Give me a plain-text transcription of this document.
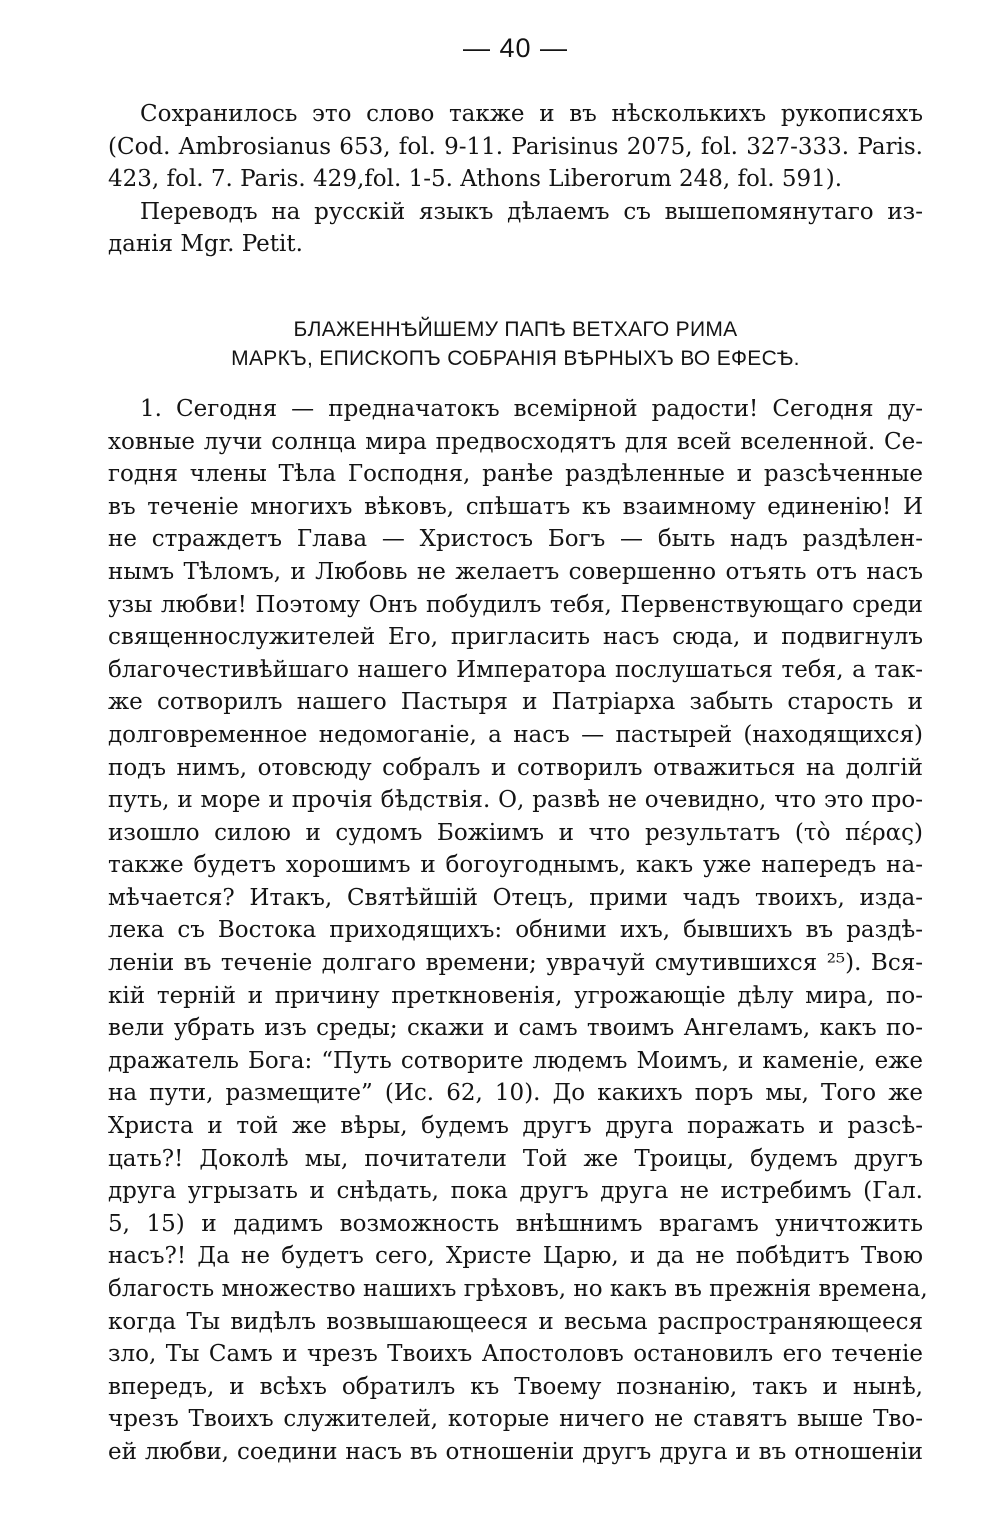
— 40 —
Сохранилось это слово также и въ нѣсколькихъ рукописяхъ
(Cod. Ambrosianus 653, fol. 9-11. Parisinus 2075, fol. 327-333. Paris.
423, fol. 7. Paris. 429,fol. 1-5. Athons Liberorum 248, fol. 591).
Переводъ на русскій языкъ дѣлаемъ съ вышепомянутаго из-
данія Mgr. Petit.
БЛАЖЕННѢЙШЕМУ ПАПѢ ВЕТХАГО РИМА
МАРКЪ, ЕПИСКОПЪ СОБРАНІЯ ВѢРНЫХЪ ВО ЕФЕСѢ.
1. Сегодня — предначатокъ всемірной радости! Сегодня ду-
ховные лучи солнца мира предвосходятъ для всей вселенной. Се-
годня члены Тѣла Господня, ранѣе раздѣленные и разсѣченные
въ теченіе многихъ вѣковъ, спѣшатъ къ взаимному единенію! И
не страждетъ Глава — Христосъ Богъ — быть надъ раздѣлен-
нымъ Тѣломъ, и Любовь не желаетъ совершенно отъять отъ насъ
узы любви! Поэтому Онъ побудилъ тебя, Первенствующаго среди
священнослужителей Его, пригласить насъ сюда, и подвигнулъ
благочестивѣйшаго нашего Императора послушаться тебя, а так-
же сотворилъ нашего Пастыря и Патріарха забыть старость и
долговременное недомоганіе, а насъ — пастырей (находящихся)
подъ нимъ, отовсюду собралъ и сотворилъ отважиться на долгій
путь, и море и прочія бѣдствія. О, развѣ не очевидно, что это про-
изошло силою и судомъ Божіимъ и что результатъ (τὸ πέρας)
также будетъ хорошимъ и богоугоднымъ, какъ уже напередъ на-
мѣчается? Итакъ, Святѣйшій Отецъ, прими чадъ твоихъ, изда-
лека съ Востока приходящихъ: обними ихъ, бывшихъ въ раздѣ-
леніи въ теченіе долгаго времени; уврачуй смутившихся ²⁵). Вся-
кій терній и причину преткновенія, угрожающіе дѣлу мира, по-
вели убрать изъ среды; скажи и самъ твоимъ Ангеламъ, какъ по-
дражатель Бога: “Путь сотворите людемъ Моимъ, и каменіе, еже
на пути, размещите” (Ис. 62, 10). До какихъ поръ мы, Того же
Христа и той же вѣры, будемъ другъ друга поражать и разсѣ-
цать?! Доколѣ мы, почитатели Той же Троицы, будемъ другъ
друга угрызать и снѣдать, пока другъ друга не истребимъ (Гал.
5, 15) и дадимъ возможность внѣшнимъ врагамъ уничтожить
насъ?! Да не будетъ сего, Христе Царю, и да не побѣдитъ Твою
благость множество нашихъ грѣховъ, но какъ въ прежнія времена,
когда Ты видѣлъ возвышающееся и весьма распространяющееся
зло, Ты Самъ и чрезъ Твоихъ Апостоловъ остановилъ его теченіе
впередъ, и всѣхъ обратилъ къ Твоему познанію, такъ и нынѣ,
чрезъ Твоихъ служителей, которые ничего не ставятъ выше Тво-
ей любви, соедини насъ въ отношеніи другъ друга и въ отношеніи
